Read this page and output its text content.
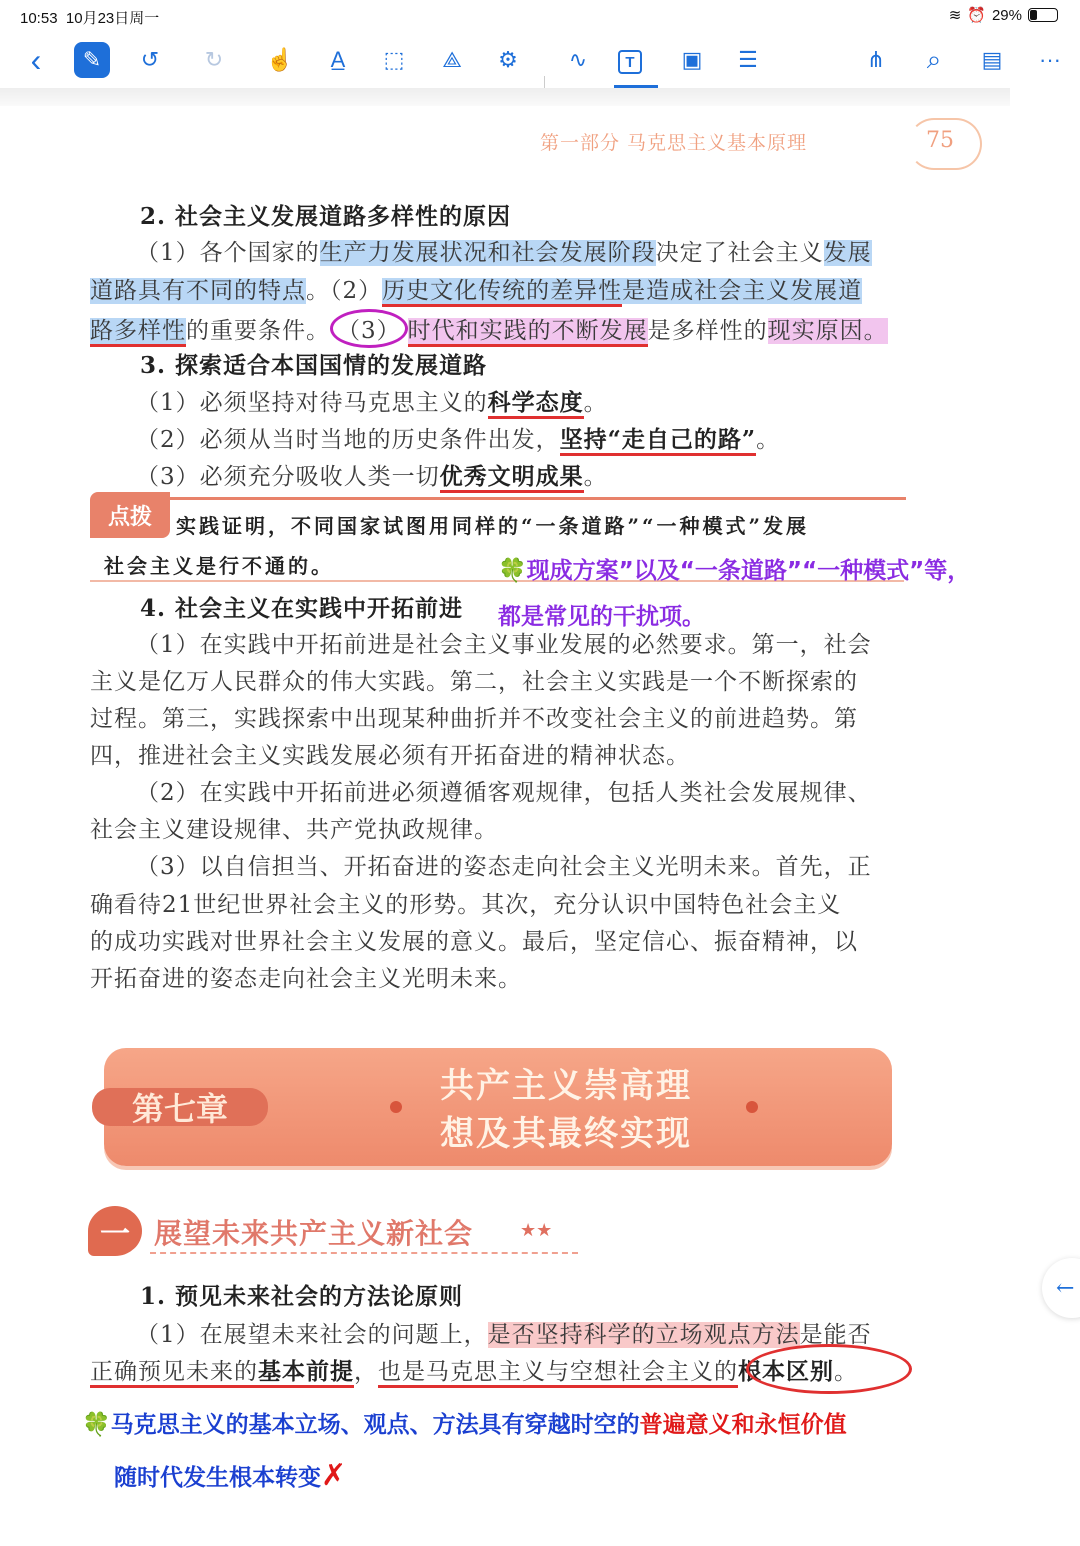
10:53 10月23日周一	≋ ⏰ 29%
‹	✎	↺	↻	☝	A̲	⬚	⟁	⚙	∿	T	▣	☰	⋔	⌕	▤	···
第一部分 马克思主义基本原理	75
2. 社会主义发展道路多样性的原因
（1）各个国家的生产力发展状况和社会发展阶段决定了社会主义发展
道路具有不同的特点。（2）历史文化传统的差异性是造成社会主义发展道
路多样性的重要条件。 （3） 时代和实践的不断发展是多样性的现实原因。
3. 探索适合本国国情的发展道路
（1）必须坚持对待马克思主义的科学态度。
（2）必须从当时当地的历史条件出发，坚持“走自己的路”。
（3）必须充分吸收人类一切优秀文明成果。
点拨	实践证明，不同国家试图用同样的“一条道路”“一种模式”发展
社会主义是行不通的。	🍀现成方案”以及“一条道路”“一种模式”等，
都是常见的干扰项。
4. 社会主义在实践中开拓前进
（1）在实践中开拓前进是社会主义事业发展的必然要求。第一，社会
主义是亿万人民群众的伟大实践。第二，社会主义实践是一个不断探索的
过程。第三，实践探索中出现某种曲折并不改变社会主义的前进趋势。第
四，推进社会主义实践发展必须有开拓奋进的精神状态。
（2）在实践中开拓前进必须遵循客观规律，包括人类社会发展规律、
社会主义建设规律、共产党执政规律。
（3）以自信担当、开拓奋进的姿态走向社会主义光明未来。首先，正
确看待21世纪世界社会主义的形势。其次，充分认识中国特色社会主义
的成功实践对世界社会主义发展的意义。最后，坚定信心、振奋精神，以
开拓奋进的姿态走向社会主义光明未来。
第七章
共产主义崇高理
想及其最终实现
一 展望未来共产主义新社会	★★
1. 预见未来社会的方法论原则
（1）在展望未来社会的问题上，是否坚持科学的立场观点方法是能否
正确预见未来的基本前提，也是马克思主义与空想社会主义的根本区别。
🍀马克思主义的基本立场、观点、方法具有穿越时空的普遍意义和永恒价值
随时代发生根本转变✗
←
